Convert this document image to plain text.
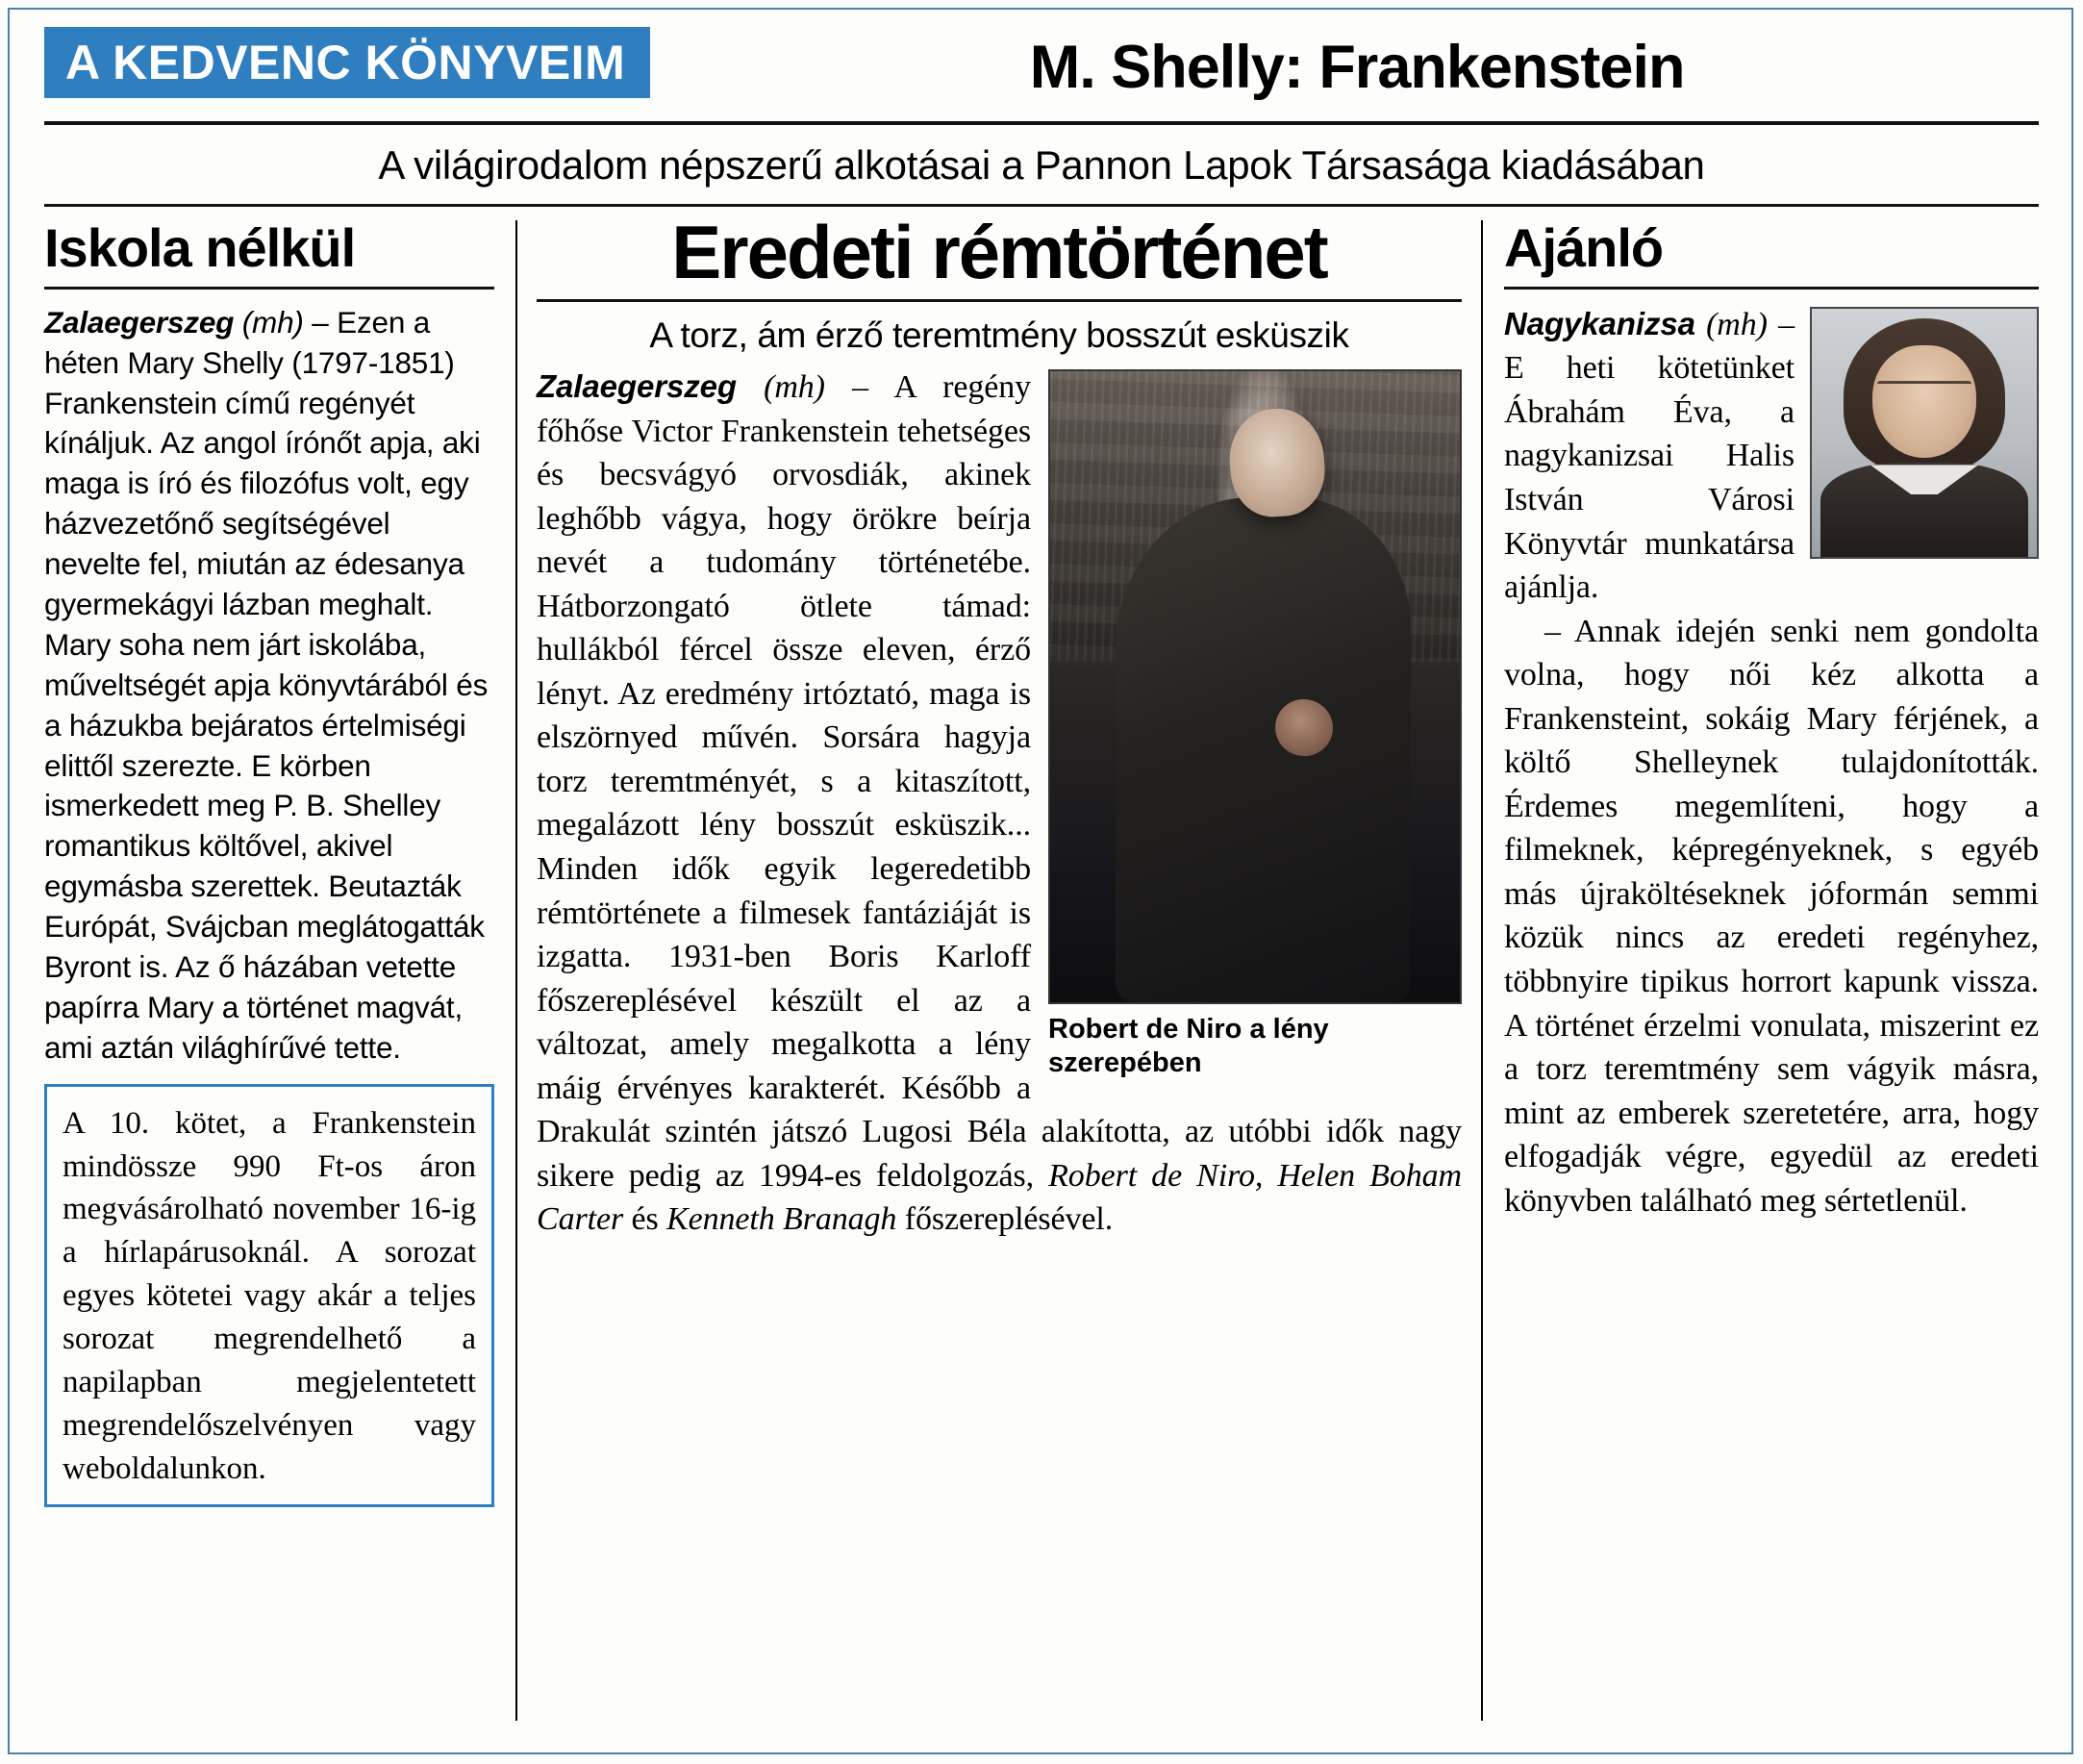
A KEDVENC KÖNYVEIM	M. Shelly: Frankenstein
A világirodalom népszerű alkotásai a Pannon Lapok Társasága kiadásában
Iskola nélkül

Zalaegerszeg (mh) – Ezen a héten Mary Shelly (1797-1851) Frankenstein című regényét kínáljuk. Az angol írónőt apja, aki maga is író és filozófus volt, egy házvezetőnő segítségével nevelte fel, miután az édesanya gyermekágyi lázban meghalt. Mary soha nem járt iskolába, műveltségét apja könyvtárából és a házukba bejáratos értelmiségi elittől szerezte. E körben ismerkedett meg P. B. Shelley romantikus költővel, akivel egymásba szerettek. Beutazták Európát, Svájcban meglátogatták Byront is. Az ő házában vetette papírra Mary a történet magvát, ami aztán világhírűvé tette.

A 10. kötet, a Frankenstein mindössze 990 Ft-os áron megvásárolható november 16-ig a hírlapárusoknál. A sorozat egyes kötetei vagy akár a teljes sorozat megrendelhető a napilapban megjelentetett megrendelőszelvényen vagy weboldalunkon.
Eredeti rémtörténet
A torz, ám érző teremtmény bosszút esküszik
Robert de Niro a lény szerepében

Zalaegerszeg (mh) – A regény főhőse Victor Frankenstein tehetséges és becsvágyó orvosdiák, akinek leghőbb vágya, hogy örökre beírja nevét a tudomány történetébe. Hátborzongató ötlete támad: hullákból fércel össze eleven, érző lényt. Az eredmény irtóztató, maga is elszörnyed művén. Sorsára hagyja torz teremtményét, s a kitaszított, megalázott lény bosszút esküszik... Minden idők egyik legeredetibb rémtörténete a filmesek fantáziáját is izgatta. 1931-ben Boris Karloff főszereplésével készült el az a változat, amely megalkotta a lény máig érvényes karakterét. Később a Drakulát szintén játszó Lugosi Béla alakította, az utóbbi idők nagy sikere pedig az 1994-es feldolgozás, Robert de Niro, Helen Boham Carter és Kenneth Branagh főszereplésével.

Ajánló

Nagykanizsa (mh) – E heti kötetünket Ábrahám Éva, a nagykanizsai Halis István Városi Könyvtár munkatársa ajánlja.

– Annak idején senki nem gondolta volna, hogy női kéz alkotta a Frankensteint, sokáig Mary férjének, a költő Shelleynek tulajdonították. Érdemes megemlíteni, hogy a filmeknek, képregényeknek, s egyéb más újraköltéseknek jóformán semmi közük nincs az eredeti regényhez, többnyire tipikus horrort kapunk vissza. A történet érzelmi vonulata, miszerint ez a torz teremtmény sem vágyik másra, mint az emberek szeretetére, arra, hogy elfogadják végre, egyedül az eredeti könyvben található meg sértetlenül.
